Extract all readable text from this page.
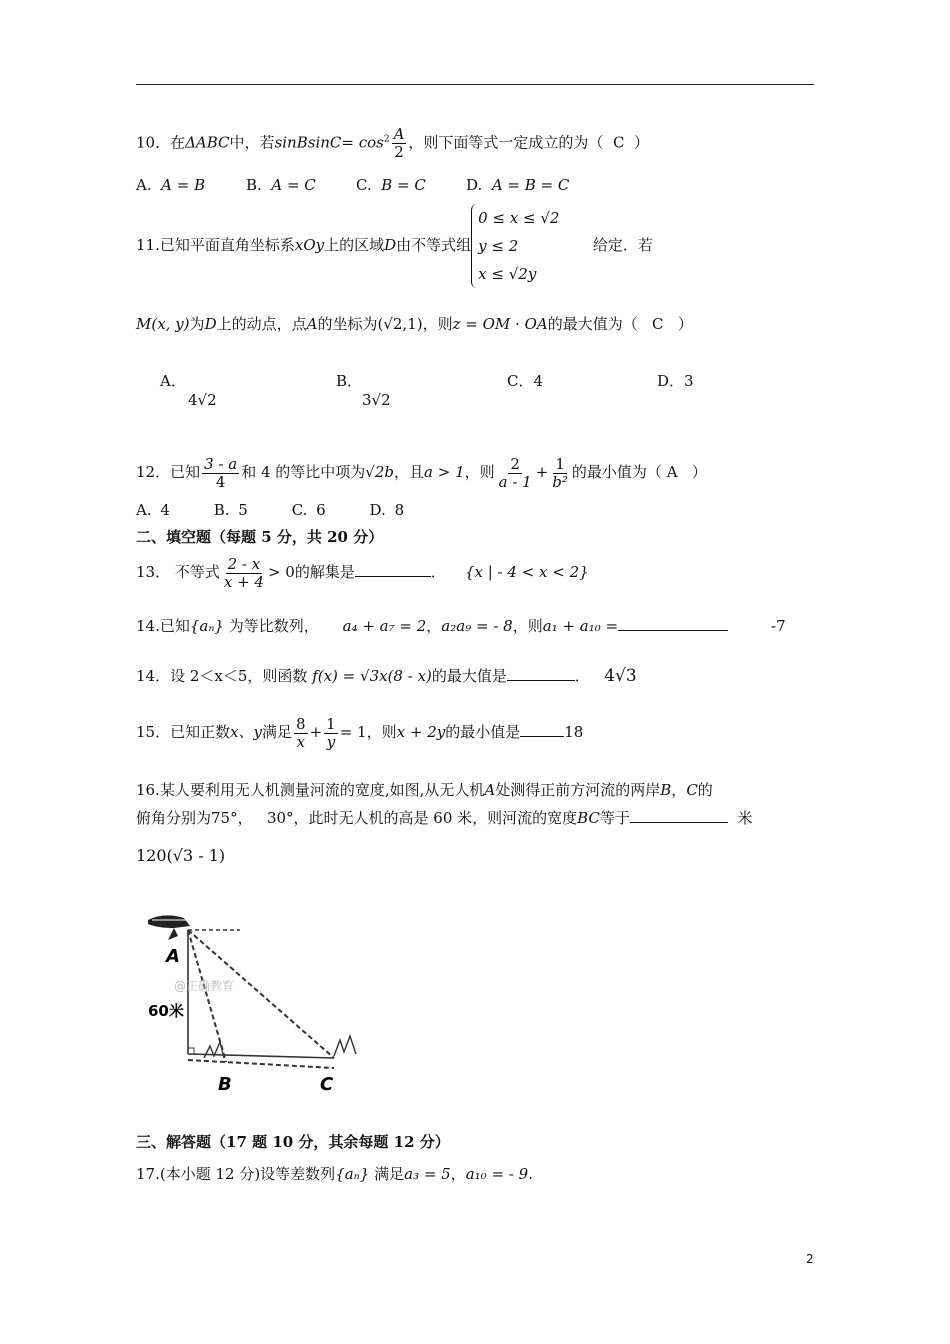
10．在ΔABC中，若sinBsinC= $\cos^2 \frac{A}{2}$ ，则下面等式一定成立的为（ C ）
A. A = B	B. A = C	C. B = C	D. A = B = C
11.已知平面直角坐标系xOy上的区域D由不等式组
0 ≤ x ≤ √2
y ≤ 2
x ≤ √2y
给定．若
M(x, y)为D上的动点，点A的坐标为(√2,1)，则z = OM · OA的最大值为（ C ）
A．
4√2
B．
3√2
C．4	D．3
12．已知 $\frac{3 - a}{4}$ 和 4 的等比中项为√2b，且a > 1，则 $\frac{2}{a - 1} + \frac{1}{\text{b²}}$ 的最小值为（ A ）
A. 4     B. 5     C. 6     D. 8
二、填空题（每题 5 分，共 20 分）
13． 不等式 $\frac{2 - x}{x + 4} > 0$的解集是	． {x | - 4 < x < 2}
14.已知{aₙ} 为等比数列， a₄ + a₇ = 2，a₂a₉ = - 8，则a₁ + a₁₀ =	-7
14．设 2＜x＜5，则函数 f(x) = √3x(8 - x)的最大值是	． 4√3
15．已知正数x、y满足 $\frac{8}{x} + \frac{1}{y} = 1$，则x + 2y的最小值是	18
16.某人要利用无人机测量河流的宽度,如图,从无人机A处测得正前方河流的两岸B，C的
俯角分别为75°， 30°，此时无人机的高是 60 米，则河流的宽度BC等于	米
120(√3 - 1)
A
B	C
60米
@正确教育
三、解答题（17 题 10 分，其余每题 12 分）
17.(本小题 12 分)设等差数列{aₙ} 满足a₃ = 5，a₁₀ = - 9.
2
